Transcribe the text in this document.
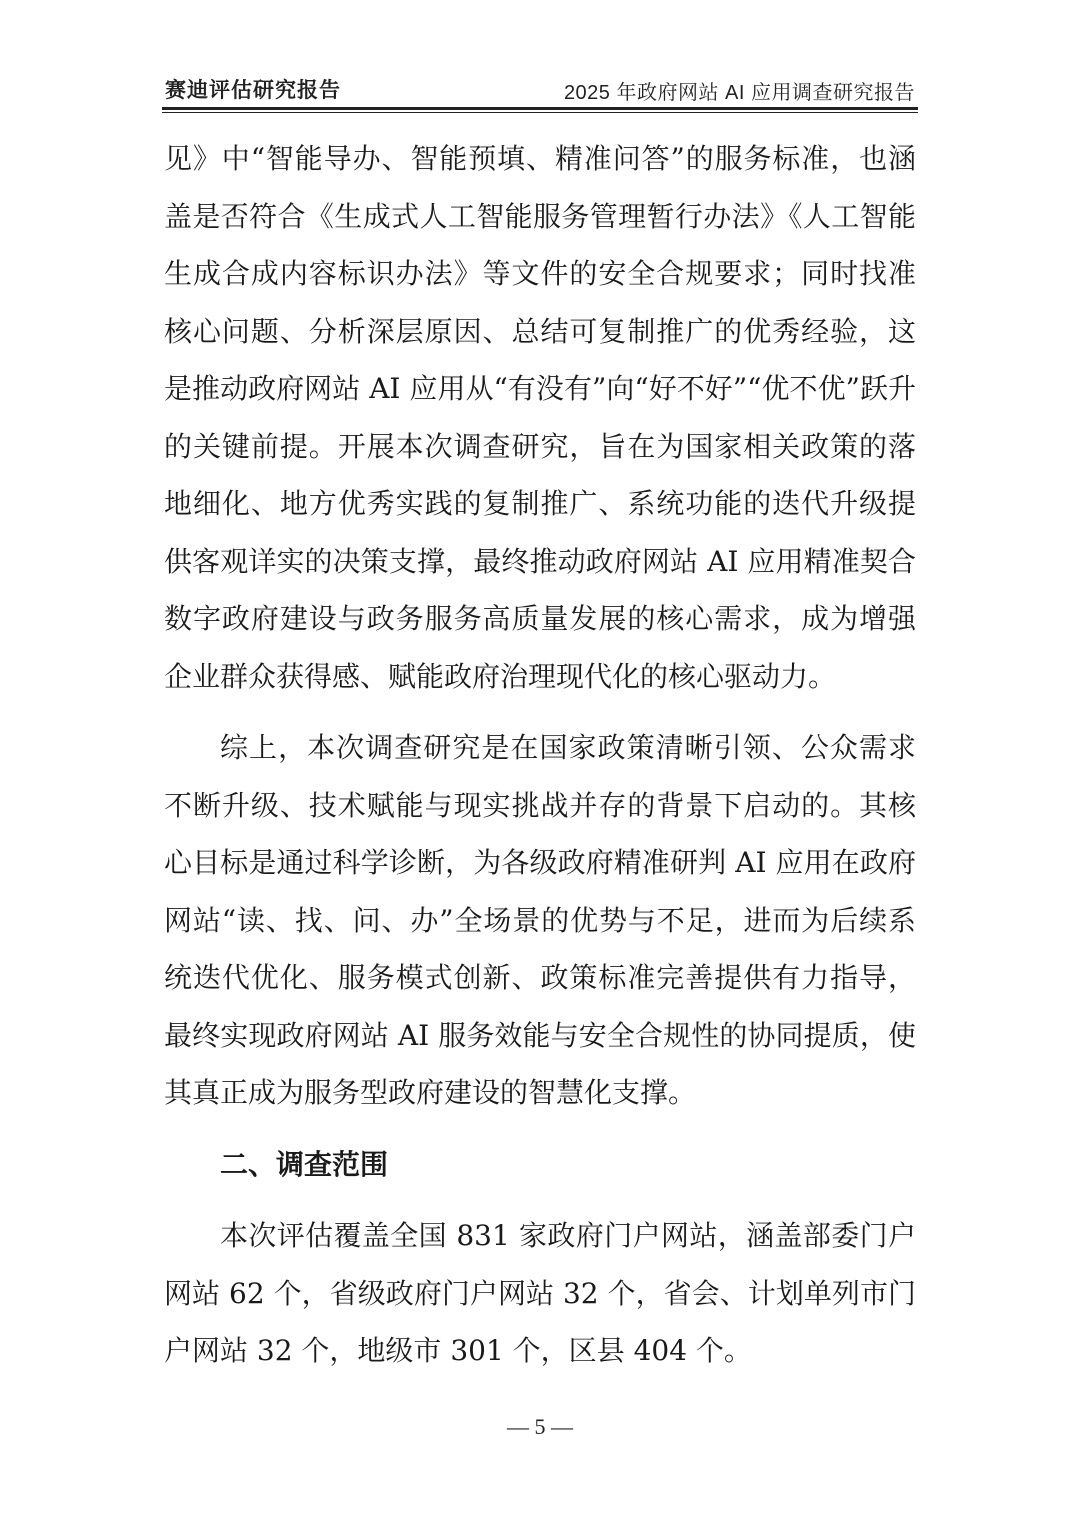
赛迪评估研究报告	2025 年政府网站 AI 应用调查研究报告

见》中“智能导办、智能预填、精准问答”的服务标准，也涵盖是否符合《生成式人工智能服务管理暂行办法》《人工智能生成合成内容标识办法》等文件的安全合规要求；同时找准核心问题、分析深层原因、总结可复制推广的优秀经验，这是推动政府网站 AI 应用从“有没有”向“好不好”“优不优”跃升的关键前提。开展本次调查研究，旨在为国家相关政策的落地细化、地方优秀实践的复制推广、系统功能的迭代升级提供客观详实的决策支撑，最终推动政府网站 AI 应用精准契合数字政府建设与政务服务高质量发展的核心需求，成为增强企业群众获得感、赋能政府治理现代化的核心驱动力。

综上，本次调查研究是在国家政策清晰引领、公众需求不断升级、技术赋能与现实挑战并存的背景下启动的。其核心目标是通过科学诊断，为各级政府精准研判 AI 应用在政府网站“读、找、问、办”全场景的优势与不足，进而为后续系统迭代优化、服务模式创新、政策标准完善提供有力指导，最终实现政府网站 AI 服务效能与安全合规性的协同提质，使其真正成为服务型政府建设的智慧化支撑。

二、调查范围

本次评估覆盖全国 831 家政府门户网站，涵盖部委门户网站 62 个，省级政府门户网站 32 个，省会、计划单列市门户网站 32 个，地级市 301 个，区县 404 个。

— 5 —
